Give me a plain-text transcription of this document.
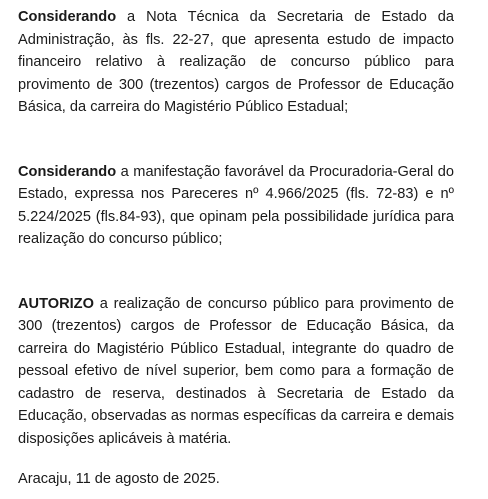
Considerando a Nota Técnica da Secretaria de Estado da Administração, às fls. 22-27, que apresenta estudo de impacto financeiro relativo à realização de concurso público para provimento de 300 (trezentos) cargos de Professor de Educação Básica, da carreira do Magistério Público Estadual;

Considerando a manifestação favorável da Procuradoria-Geral do Estado, expressa nos Pareceres nº 4.966/2025 (fls. 72-83) e nº 5.224/2025 (fls.84-93), que opinam pela possibilidade jurídica para realização do concurso público;

AUTORIZO a realização de concurso público para provimento de 300 (trezentos) cargos de Professor de Educação Básica, da carreira do Magistério Público Estadual, integrante do quadro de pessoal efetivo de nível superior, bem como para a formação de cadastro de reserva, destinados à Secretaria de Estado da Educação, observadas as normas específicas da carreira e demais disposições aplicáveis à matéria.

Aracaju, 11 de agosto de 2025.
